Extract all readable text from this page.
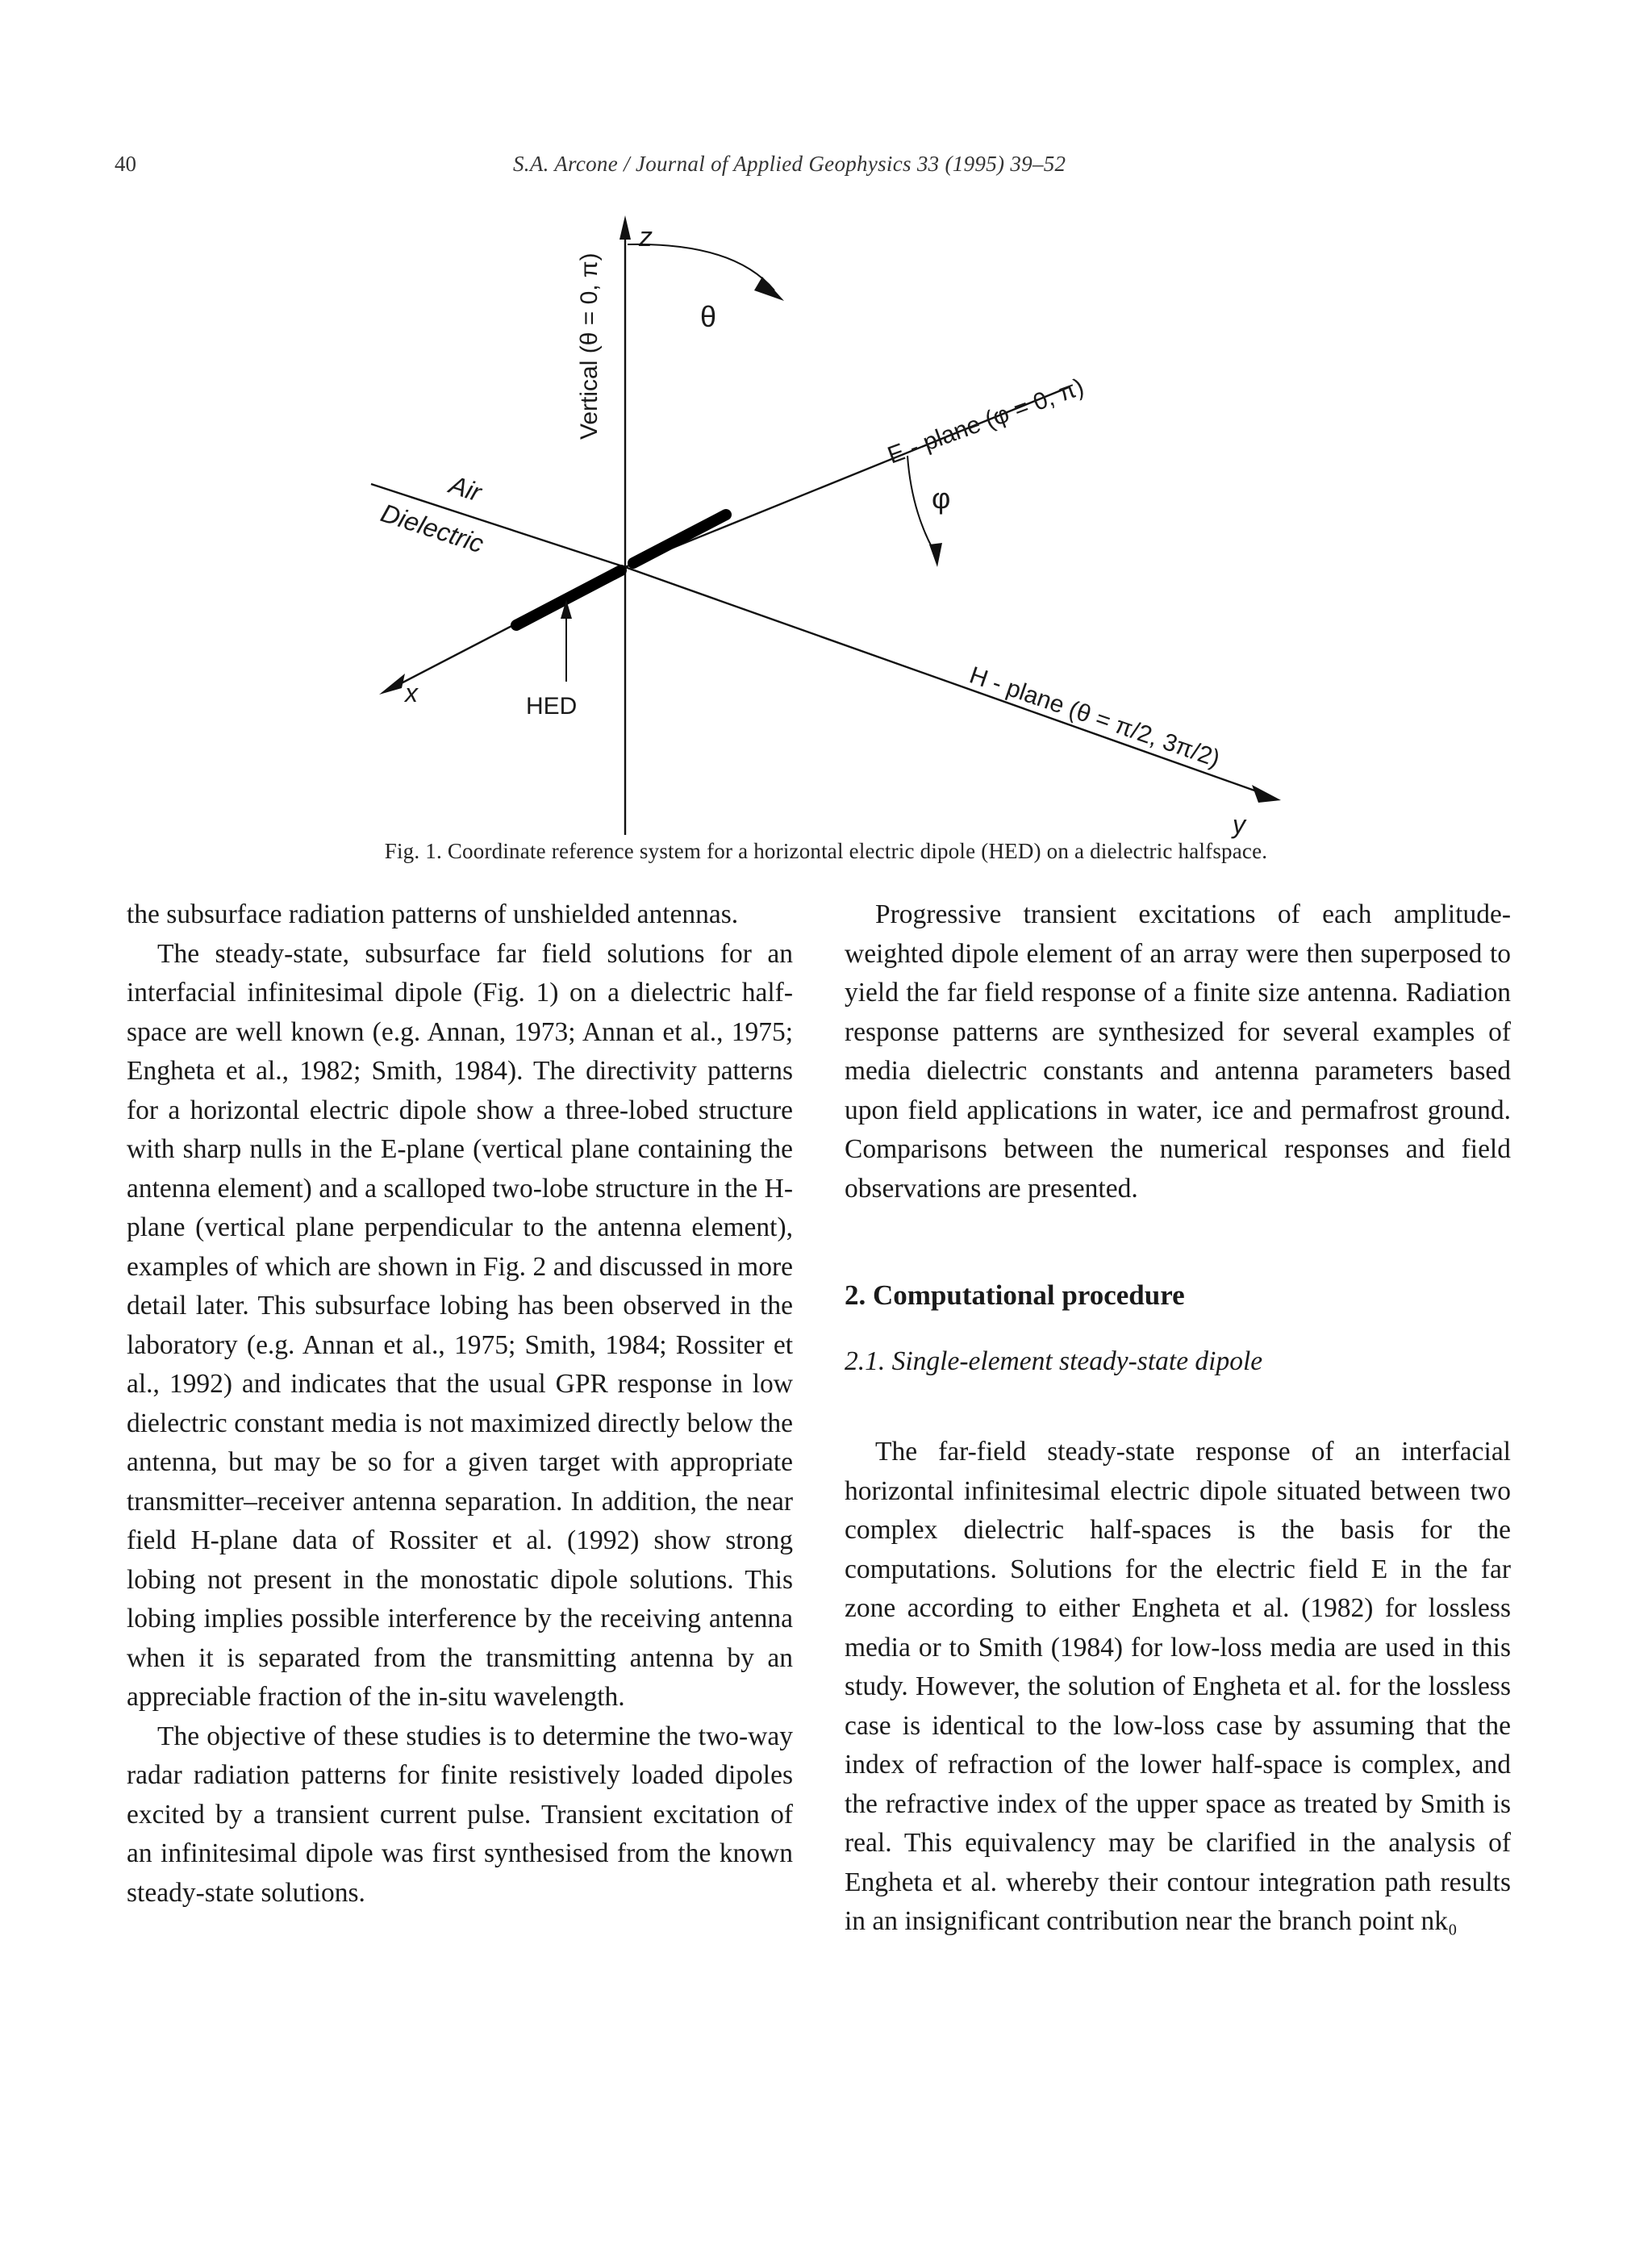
40	S.A. Arcone / Journal of Applied Geophysics 33 (1995) 39–52
z
Vertical (θ = 0, π)	θ
Air
Dielectric
E - plane (φ = 0, π)
φ
x
y
H - plane (θ = π/2, 3π/2)
HED
Fig. 1. Coordinate reference system for a horizontal electric dipole (HED) on a dielectric halfspace.

the subsurface radiation patterns of unshielded antennas.

The steady-state, subsurface far field solutions for an interfacial infinitesimal dipole (Fig. 1) on a dielectric half-space are well known (e.g. Annan, 1973; Annan et al., 1975; Engheta et al., 1982; Smith, 1984). The directivity patterns for a horizontal electric dipole show a three-lobed structure with sharp nulls in the E-plane (vertical plane containing the antenna element) and a scalloped two-lobe structure in the H-plane (vertical plane perpendicular to the antenna element), examples of which are shown in Fig. 2 and discussed in more detail later. This subsurface lobing has been observed in the laboratory (e.g. Annan et al., 1975; Smith, 1984; Rossiter et al., 1992) and indicates that the usual GPR response in low dielectric constant media is not maximized directly below the antenna, but may be so for a given target with appropriate transmitter–receiver antenna separation. In addition, the near field H-plane data of Rossiter et al. (1992) show strong lobing not present in the monostatic dipole solutions. This lobing implies possible interference by the receiving antenna when it is separated from the transmitting antenna by an appreciable fraction of the in-situ wavelength.

The objective of these studies is to determine the two-way radar radiation patterns for finite resistively loaded dipoles excited by a transient current pulse. Transient excitation of an infinitesimal dipole was first synthesised from the known steady-state solutions.

Progressive transient excitations of each amplitude-weighted dipole element of an array were then superposed to yield the far field response of a finite size antenna. Radiation response patterns are synthesized for several examples of media dielectric constants and antenna parameters based upon field applications in water, ice and permafrost ground. Comparisons between the numerical responses and field observations are presented.

2. Computational procedure
2.1. Single-element steady-state dipole

The far-field steady-state response of an interfacial horizontal infinitesimal electric dipole situated between two complex dielectric half-spaces is the basis for the computations. Solutions for the electric field E in the far zone according to either Engheta et al. (1982) for lossless media or to Smith (1984) for low-loss media are used in this study. However, the solution of Engheta et al. for the lossless case is identical to the low-loss case by assuming that the index of refraction of the lower half-space is complex, and the refractive index of the upper space as treated by Smith is real. This equivalency may be clarified in the analysis of Engheta et al. whereby their contour integration path results in an insignificant contribution near the branch point nk₀
